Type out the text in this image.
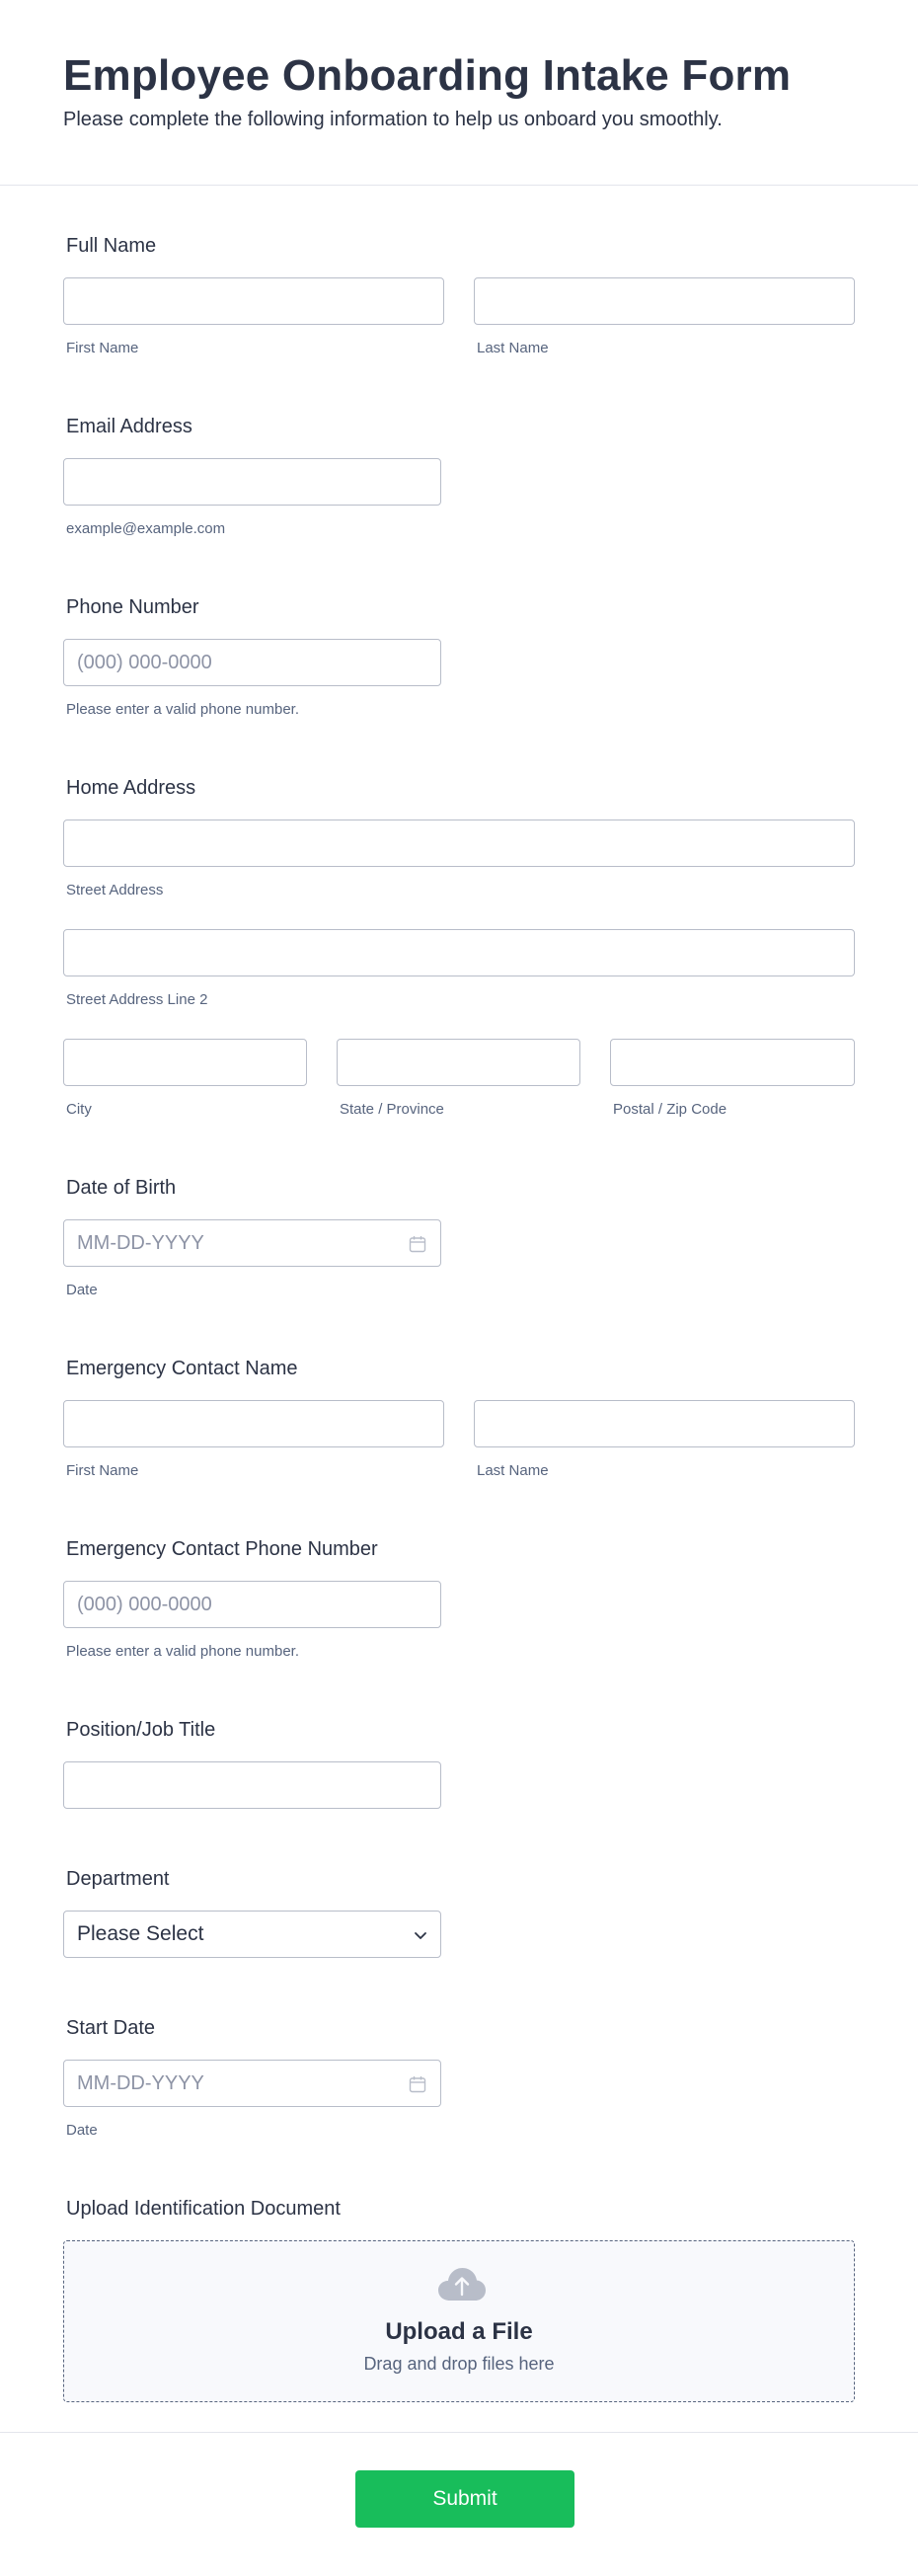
Employee Onboarding Intake Form
Please complete the following information to help us onboard you smoothly.
Full Name
First Name	Last Name
Email Address
example@example.com
Phone Number
(000) 000-0000
Please enter a valid phone number.
Home Address
Street Address
Street Address Line 2
City	State / Province	Postal / Zip Code
Date of Birth
MM-DD-YYYY
Date
Emergency Contact Name
First Name	Last Name
Emergency Contact Phone Number
(000) 000-0000
Please enter a valid phone number.
Position/Job Title
Department
Please Select
Start Date
MM-DD-YYYY
Date
Upload Identification Document
Upload a File
Drag and drop files here
Submit
